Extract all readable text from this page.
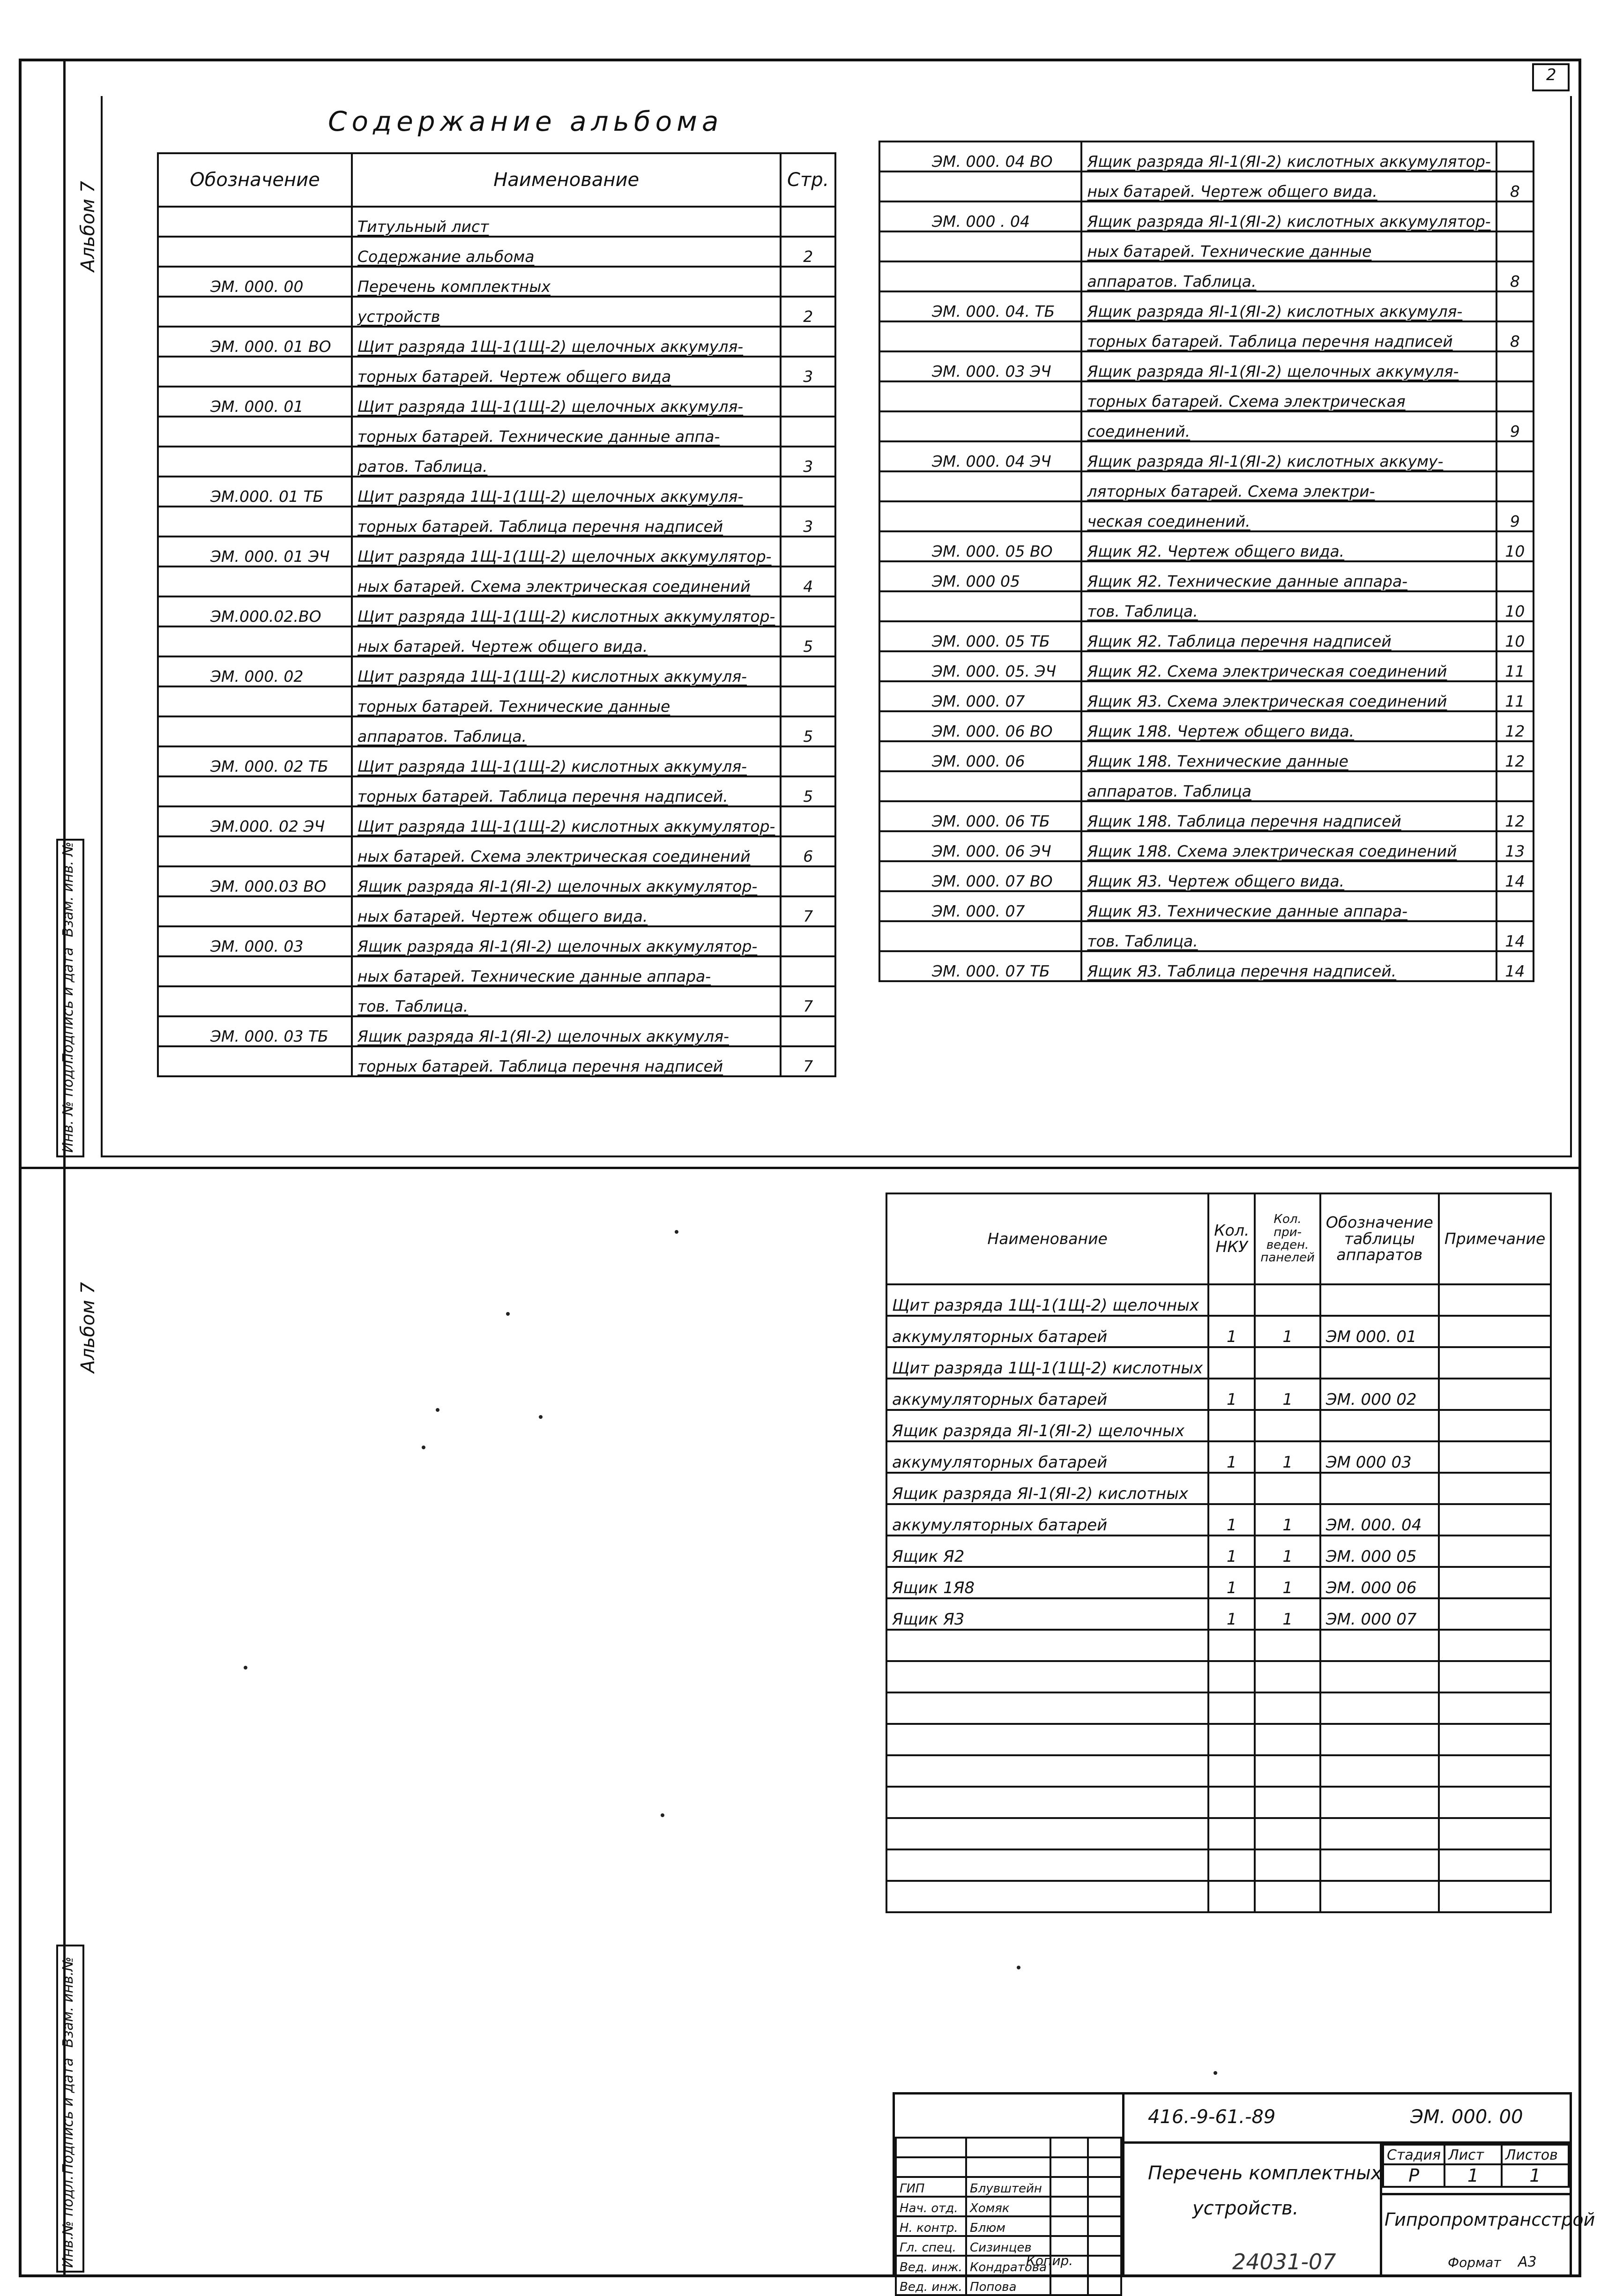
2
Альбом 7
Альбом 7
Взам. инв. №
Подпись и дата
Инв. № подл.
Взам. инв.№
Подпись и дата
Инв.№ подл.
Содержание альбома
Обозначение	Наименование	Стр.
	Титульный лист	
	Содержание альбома	2
ЭМ. 000. 00	Перечень комплектных	
	устройств	2
ЭМ. 000. 01 ВО	Щит разряда 1Щ-1(1Щ-2) щелочных аккумуля-	
	торных батарей. Чертеж общего вида	3
ЭМ. 000. 01	Щит разряда 1Щ-1(1Щ-2) щелочных аккумуля-	
	торных батарей. Технические данные аппа-	
	ратов. Таблица.	3
ЭМ.000. 01 ТБ	Щит разряда 1Щ-1(1Щ-2) щелочных аккумуля-	
	торных батарей. Таблица перечня надписей	3
ЭМ. 000. 01 ЭЧ	Щит разряда 1Щ-1(1Щ-2) щелочных аккумулятор-	
	ных батарей. Схема электрическая соединений	4
ЭМ.000.02.ВО	Щит разряда 1Щ-1(1Щ-2) кислотных аккумулятор-	
	ных батарей. Чертеж общего вида.	5
ЭМ. 000. 02	Щит разряда 1Щ-1(1Щ-2) кислотных аккумуля-	
	торных батарей. Технические данные	
	аппаратов. Таблица.	5
ЭМ. 000. 02 ТБ	Щит разряда 1Щ-1(1Щ-2) кислотных аккумуля-	
	торных батарей. Таблица перечня надписей.	5
ЭМ.000. 02 ЭЧ	Щит разряда 1Щ-1(1Щ-2) кислотных аккумулятор-	
	ных батарей. Схема электрическая соединений	6
ЭМ. 000.03 ВО	Ящик разряда ЯI-1(ЯI-2) щелочных аккумулятор-	
	ных батарей. Чертеж общего вида.	7
ЭМ. 000. 03	Ящик разряда ЯI-1(ЯI-2) щелочных аккумулятор-	
	ных батарей. Технические данные аппара-	
	тов. Таблица.	7
ЭМ. 000. 03 ТБ	Ящик разряда ЯI-1(ЯI-2) щелочных аккумуля-	
	торных батарей. Таблица перечня надписей	7
ЭМ. 000. 04 ВО	Ящик разряда ЯI-1(ЯI-2) кислотных аккумулятор-	
	ных батарей. Чертеж общего вида.	8
ЭМ. 000 . 04	Ящик разряда ЯI-1(ЯI-2) кислотных аккумулятор-	
	ных батарей. Технические данные	
	аппаратов. Таблица.	8
ЭМ. 000. 04. ТБ	Ящик разряда ЯI-1(ЯI-2) кислотных аккумуля-	
	торных батарей. Таблица перечня надписей	8
ЭМ. 000. 03 ЭЧ	Ящик разряда ЯI-1(ЯI-2) щелочных аккумуля-	
	торных батарей. Схема электрическая	
	соединений.	9
ЭМ. 000. 04 ЭЧ	Ящик разряда ЯI-1(ЯI-2) кислотных аккуму-	
	ляторных батарей. Схема электри-	
	ческая соединений.	9
ЭМ. 000. 05 ВО	Ящик Я2. Чертеж общего вида.	10
ЭМ. 000 05	Ящик Я2. Технические данные аппара-	
	тов. Таблица.	10
ЭМ. 000. 05 ТБ	Ящик Я2. Таблица перечня надписей	10
ЭМ. 000. 05. ЭЧ	Ящик Я2. Схема электрическая соединений	11
ЭМ. 000. 07	Ящик Я3. Схема электрическая соединений	11
ЭМ. 000. 06 ВО	Ящик 1Я8. Чертеж общего вида.	12
ЭМ. 000. 06	Ящик 1Я8. Технические данные	12
	аппаратов. Таблица	
ЭМ. 000. 06 ТБ	Ящик 1Я8. Таблица перечня надписей	12
ЭМ. 000. 06 ЭЧ	Ящик 1Я8. Схема электрическая соединений	13
ЭМ. 000. 07 ВО	Ящик Я3. Чертеж общего вида.	14
ЭМ. 000. 07	Ящик Я3. Технические данные аппара-	
	тов. Таблица.	14
ЭМ. 000. 07 ТБ	Ящик Я3. Таблица перечня надписей.	14
Наименование	Кол. НКУ	Кол. при- веден. панелей	Обозначение таблицы аппаратов	Примечание
Щит разряда 1Щ-1(1Щ-2) щелочных				
аккумуляторных батарей	1	1	ЭМ 000. 01	
Щит разряда 1Щ-1(1Щ-2) кислотных				
аккумуляторных батарей	1	1	ЭМ. 000 02	
Ящик разряда ЯI-1(ЯI-2) щелочных				
аккумуляторных батарей	1	1	ЭМ 000 03	
Ящик разряда ЯI-1(ЯI-2) кислотных				
аккумуляторных батарей	1	1	ЭМ. 000. 04	
Ящик Я2	1	1	ЭМ. 000 05	
Ящик 1Я8	1	1	ЭМ. 000 06	
Ящик Я3	1	1	ЭМ. 000 07	

416.-9-61.-89	ЭМ. 000. 00

ГИП	Блувштейн		
Нач. отд.	Хомяк		
Н. контр.	Блюм		
Гл. спец.	Сизинцев		
Вед. инж.	Кондратова		
Вед. инж.	Попова		
Перечень комплектных
устройств.
Стадия	Лист	Листов
Р	1	1
Гипропромтрансстрой
Копир.	24031-07	Формат А3
